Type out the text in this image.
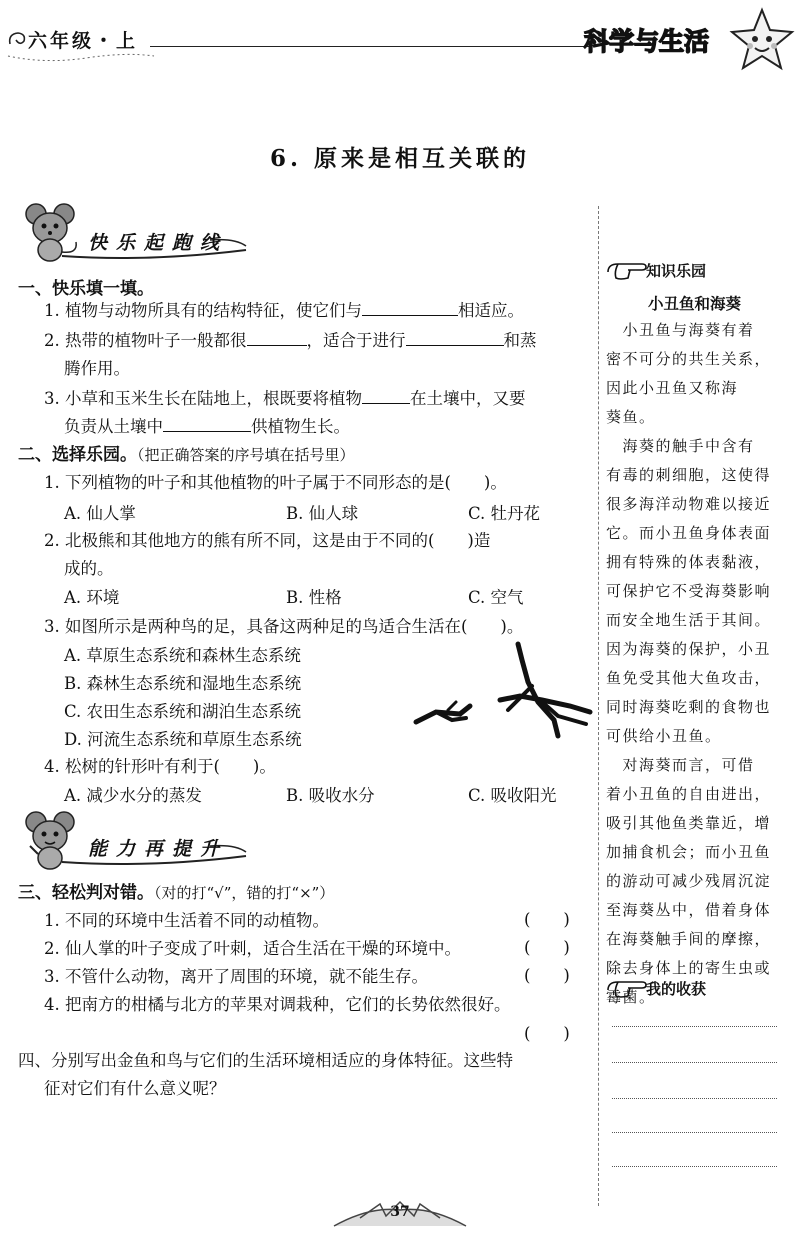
六年级・上	科学与生活
6. 原来是相互关联的
快乐起跑线
一、快乐填一填。
1. 植物与动物所具有的结构特征，使它们与	相适应。
2. 热带的植物叶子一般都很	，适合于进行	和蒸
腾作用。
3. 小草和玉米生长在陆地上，根既要将植物	在土壤中，又要
负责从土壤中	供植物生长。
二、选择乐园。（把正确答案的序号填在括号里）
1. 下列植物的叶子和其他植物的叶子属于不同形态的是(　　)。
A. 仙人掌	B. 仙人球	C. 牡丹花
2. 北极熊和其他地方的熊有所不同，这是由于不同的(　　)造
成的。
A. 环境	B. 性格	C. 空气
3. 如图所示是两种鸟的足，具备这两种足的鸟适合生活在(　　)。
A. 草原生态系统和森林生态系统
B. 森林生态系统和湿地生态系统
C. 农田生态系统和湖泊生态系统
D. 河流生态系统和草原生态系统
4. 松树的针形叶有利于(　　)。
A. 减少水分的蒸发	B. 吸收水分	C. 吸收阳光
能力再提升
三、轻松判对错。（对的打“√”，错的打“×”）
1. 不同的环境中生活着不同的动植物。	(　　)
2. 仙人掌的叶子变成了叶刺，适合生活在干燥的环境中。	(　　)
3. 不管什么动物，离开了周围的环境，就不能生存。	(　　)
4. 把南方的柑橘与北方的苹果对调栽种，它们的长势依然很好。
(　　)
四、分别写出金鱼和鸟与它们的生活环境相适应的身体特征。这些特
征对它们有什么意义呢？
知识乐园
小丑鱼和海葵
　小丑鱼与海葵有着
密不可分的共生关系，
因此小丑鱼又称海
葵鱼。
　海葵的触手中含有
有毒的刺细胞，这使得
很多海洋动物难以接近
它。而小丑鱼身体表面
拥有特殊的体表黏液，
可保护它不受海葵影响
而安全地生活于其间。
因为海葵的保护，小丑
鱼免受其他大鱼攻击，
同时海葵吃剩的食物也
可供给小丑鱼。
　对海葵而言，可借
着小丑鱼的自由进出，
吸引其他鱼类靠近，增
加捕食机会；而小丑鱼
的游动可减少残屑沉淀
至海葵丛中，借着身体
在海葵触手间的摩擦，
除去身体上的寄生虫或
霉菌。
我的收获
37
